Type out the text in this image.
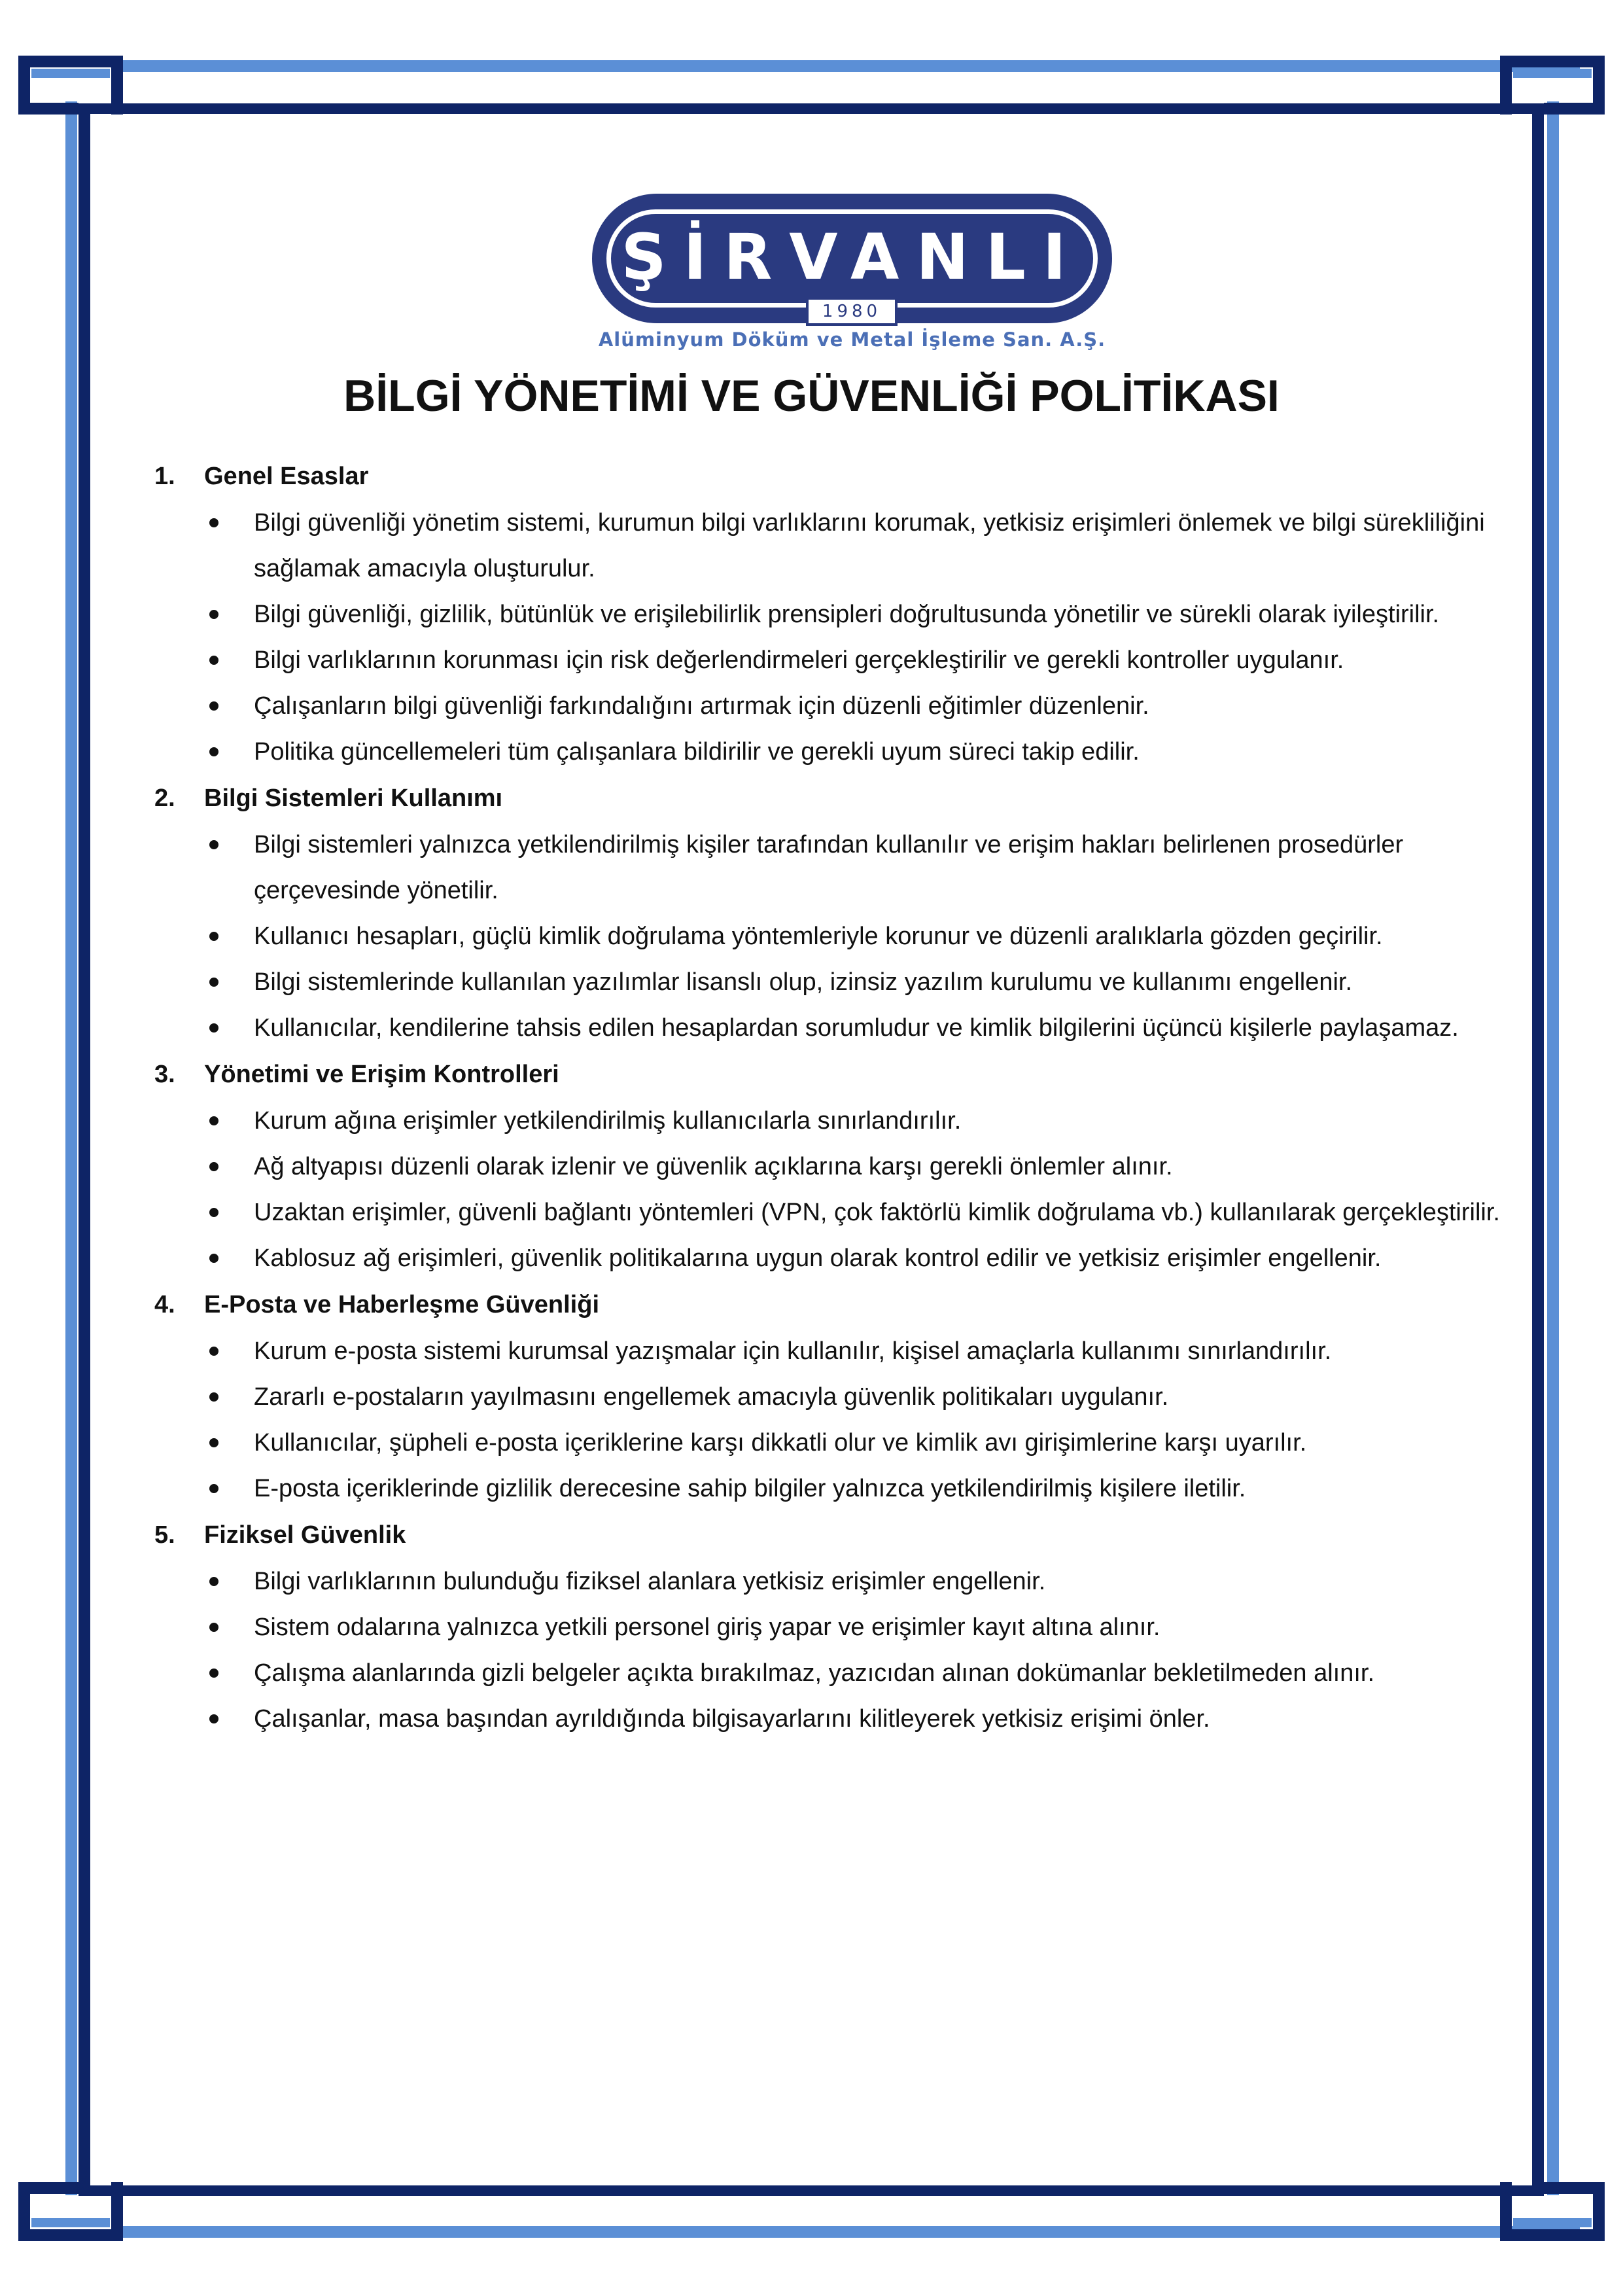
ŞİRVANLI
1980
Alüminyum Döküm ve Metal İşleme San. A.Ş.
BİLGİ YÖNETİMİ VE GÜVENLİĞİ POLİTİKASI
1.	Genel Esaslar
Bilgi güvenliği yönetim sistemi, kurumun bilgi varlıklarını korumak, yetkisiz erişimleri önlemek ve bilgi sürekliliğini sağlamak amacıyla oluşturulur.
Bilgi güvenliği, gizlilik, bütünlük ve erişilebilirlik prensipleri doğrultusunda yönetilir ve sürekli olarak iyileştirilir.
Bilgi varlıklarının korunması için risk değerlendirmeleri gerçekleştirilir ve gerekli kontroller uygulanır.
Çalışanların bilgi güvenliği farkındalığını artırmak için düzenli eğitimler düzenlenir.
Politika güncellemeleri tüm çalışanlara bildirilir ve gerekli uyum süreci takip edilir.
2.	Bilgi Sistemleri Kullanımı
Bilgi sistemleri yalnızca yetkilendirilmiş kişiler tarafından kullanılır ve erişim hakları belirlenen prosedürler çerçevesinde yönetilir.
Kullanıcı hesapları, güçlü kimlik doğrulama yöntemleriyle korunur ve düzenli aralıklarla gözden geçirilir.
Bilgi sistemlerinde kullanılan yazılımlar lisanslı olup, izinsiz yazılım kurulumu ve kullanımı engellenir.
Kullanıcılar, kendilerine tahsis edilen hesaplardan sorumludur ve kimlik bilgilerini üçüncü kişilerle paylaşamaz.
3.	Yönetimi ve Erişim Kontrolleri
Kurum ağına erişimler yetkilendirilmiş kullanıcılarla sınırlandırılır.
Ağ altyapısı düzenli olarak izlenir ve güvenlik açıklarına karşı gerekli önlemler alınır.
Uzaktan erişimler, güvenli bağlantı yöntemleri (VPN, çok faktörlü kimlik doğrulama vb.) kullanılarak gerçekleştirilir.
Kablosuz ağ erişimleri, güvenlik politikalarına uygun olarak kontrol edilir ve yetkisiz erişimler engellenir.
4.	E-Posta ve Haberleşme Güvenliği
Kurum e-posta sistemi kurumsal yazışmalar için kullanılır, kişisel amaçlarla kullanımı sınırlandırılır.
Zararlı e-postaların yayılmasını engellemek amacıyla güvenlik politikaları uygulanır.
Kullanıcılar, şüpheli e-posta içeriklerine karşı dikkatli olur ve kimlik avı girişimlerine karşı uyarılır.
E-posta içeriklerinde gizlilik derecesine sahip bilgiler yalnızca yetkilendirilmiş kişilere iletilir.
5.	Fiziksel Güvenlik
Bilgi varlıklarının bulunduğu fiziksel alanlara yetkisiz erişimler engellenir.
Sistem odalarına yalnızca yetkili personel giriş yapar ve erişimler kayıt altına alınır.
Çalışma alanlarında gizli belgeler açıkta bırakılmaz, yazıcıdan alınan dokümanlar bekletilmeden alınır.
Çalışanlar, masa başından ayrıldığında bilgisayarlarını kilitleyerek yetkisiz erişimi önler.
